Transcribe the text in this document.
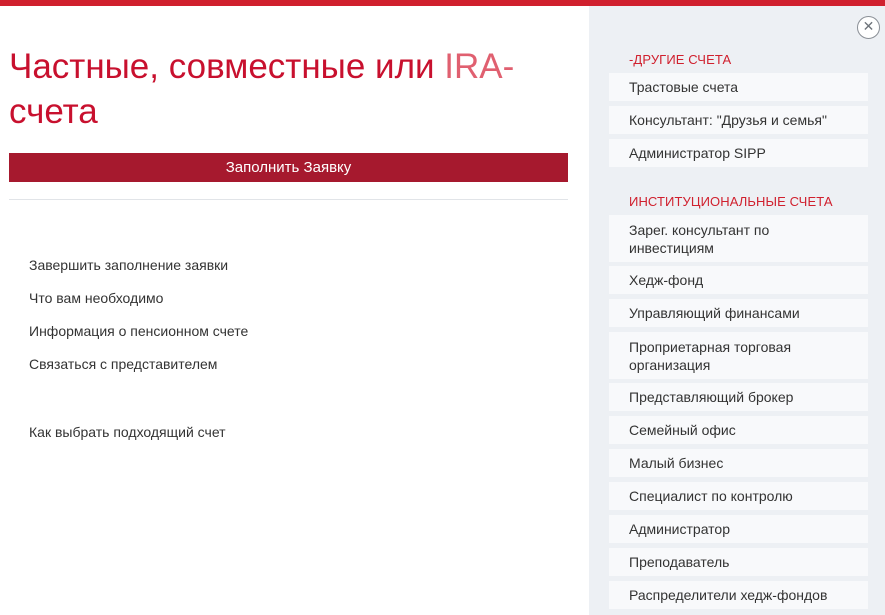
Частные, совместные или IRA-
счета
Заполнить Заявку
Завершить заполнение заявки
Что вам необходимо
Информация о пенсионном счете
Связаться с представителем
Как выбрать подходящий счет
✕
-ДРУГИЕ СЧЕТА
Трастовые счета
Консультант: "Друзья и семья"
Администратор SIPP
ИНСТИТУЦИОНАЛЬНЫЕ СЧЕТА
Зарег. консультант по инвестициям
Хедж-фонд
Управляющий финансами
Проприетарная торговая организация
Представляющий брокер
Семейный офис
Малый бизнес
Специалист по контролю
Администратор
Преподаватель
Распределители хедж-фондов
